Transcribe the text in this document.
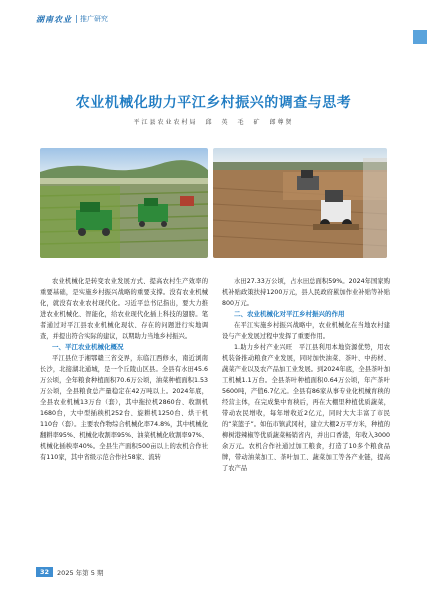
湖南农业 | 推广研究
农业机械化助力平江乡村振兴的调查与思考
平江县农业农村局　邱　英　毛　矿　郎尊贤

农业机械化是转变农业发展方式、提高农村生产效率的重要基础，是实施乡村振兴战略的重要支撑。没有农业机械化，就没有农业农村现代化。习近平总书记指出，要大力推进农业机械化、智能化，给农业现代化插上科技的翅膀。笔者通过对平江县农业机械化现状、存在的问题进行实地调查，并提出符合实际的建议，以期助力当地乡村振兴。

一、平江农业机械化概况

平江县位于湘鄂赣三省交界，东临江西修水，南近浏南长沙，北接湖北通城，是一个丘陵山区县。全县有水田45.6万公顷，全年粮食种植面积70.6万公顷，油菜种植面积1.53万公顷，全县粮食总产量稳定在42万吨以上。2024年底，全县农业机械13万台（套），其中拖拉机2860台、收割机1680台，大中型插秧机252台、旋耕机1250台、烘干机110台（套）。主要农作物综合机械化率74.8%，其中机械化翻耕率95%、机械化收割率95%、油菜机械化收割率97%、机械化插秧率40%。全县生产面积500亩以上的农机合作社有110家，其中省级示范合作社58家、流转

水田27.33万公顷，占水田总面积59%。2024年国家购机补贴政策扶持1200万元，县人民政府累加作业补贴等补贴800万元。

二、农业机械化对平江乡村振兴的作用

在平江实施乡村振兴战略中，农业机械化在当地农村建设与产业发展过程中发挥了重要作用。

1.助力乡村产业兴旺　平江县利用本地资源优势，用农机装备推动粮食产业发展，同时加快油菜、茶叶、中药材、蔬菜产业以及农产品加工业发展。到2024年底，全县茶叶加工机械1.1万台。全县茶叶种植面积0.64万公顷，年产茶叶5600吨，产值6.7亿元。全县有86家从事专业化机械育秧的经营主体，在完成集中育秧后，再在大棚里种植优质蔬菜，带动农民增收，每年增收近2亿元，同时大大丰富了市民的“菜篮子”。如伍市镇武冈村，建立大棚2万平方米，种植的柳树港辣椒等优质蔬菜畅销省内，并出口香港，年收入3000余万元。农机合作社通过加工粮食，打造了10多个粮食品牌，带动油菜加工、茶叶加工、蔬菜加工等各产业链，提高了农产品

32	2025 年第 5 期
